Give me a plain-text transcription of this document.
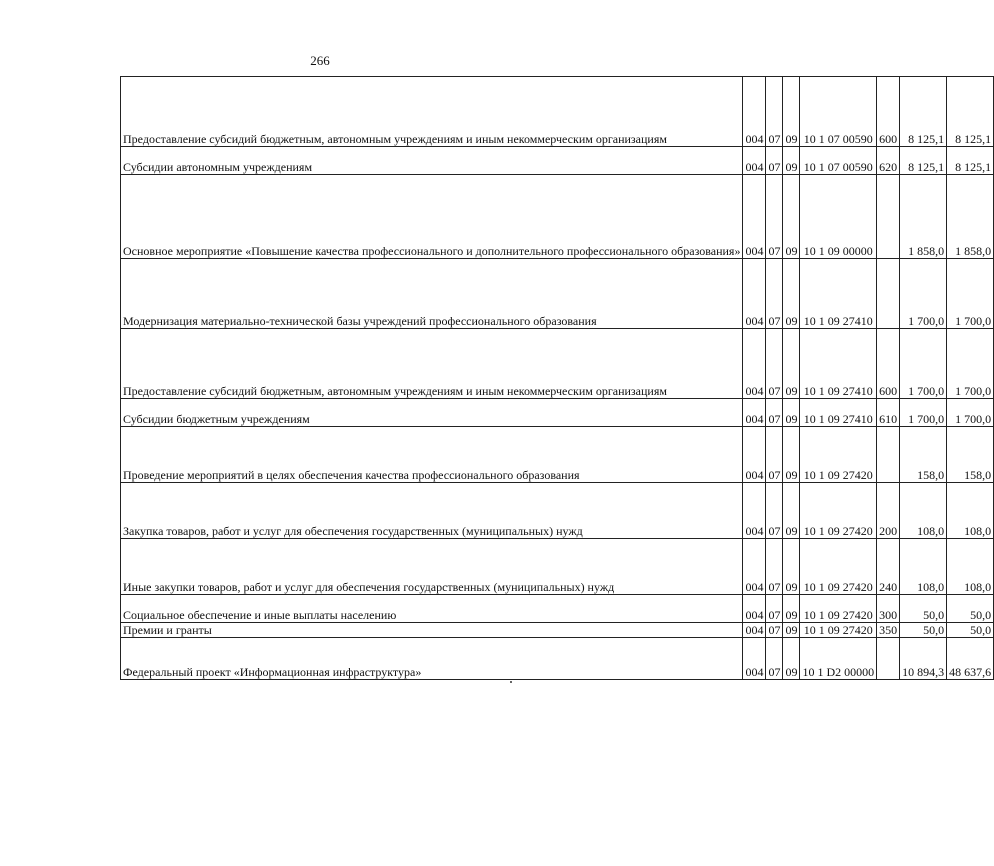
266
Предоставление субсидий бюджетным, автономным учреждениям и иным некоммерческим организациям	004	07	09	10 1 07 00590	600	8 125,1	8 125,1
Субсидии автономным учреждениям	004	07	09	10 1 07 00590	620	8 125,1	8 125,1
Основное мероприятие «Повышение качества профессионального и дополнительного профессионального образования»	004	07	09	10 1 09 00000		1 858,0	1 858,0
Модернизация материально-технической базы учреждений профессионального образования	004	07	09	10 1 09 27410		1 700,0	1 700,0
Предоставление субсидий бюджетным, автономным учреждениям и иным некоммерческим организациям	004	07	09	10 1 09 27410	600	1 700,0	1 700,0
Субсидии бюджетным учреждениям	004	07	09	10 1 09 27410	610	1 700,0	1 700,0
Проведение мероприятий в целях обеспечения качества профессионального образования	004	07	09	10 1 09 27420		158,0	158,0
Закупка товаров, работ и услуг для обеспечения государственных (муниципальных) нужд	004	07	09	10 1 09 27420	200	108,0	108,0
Иные закупки товаров, работ и услуг для обеспечения государственных (муниципальных) нужд	004	07	09	10 1 09 27420	240	108,0	108,0
Социальное обеспечение и иные выплаты населению	004	07	09	10 1 09 27420	300	50,0	50,0
Премии и гранты	004	07	09	10 1 09 27420	350	50,0	50,0
Федеральный проект «Информационная инфраструктура»	004	07	09	10 1 D2 00000		10 894,3	48 637,6
